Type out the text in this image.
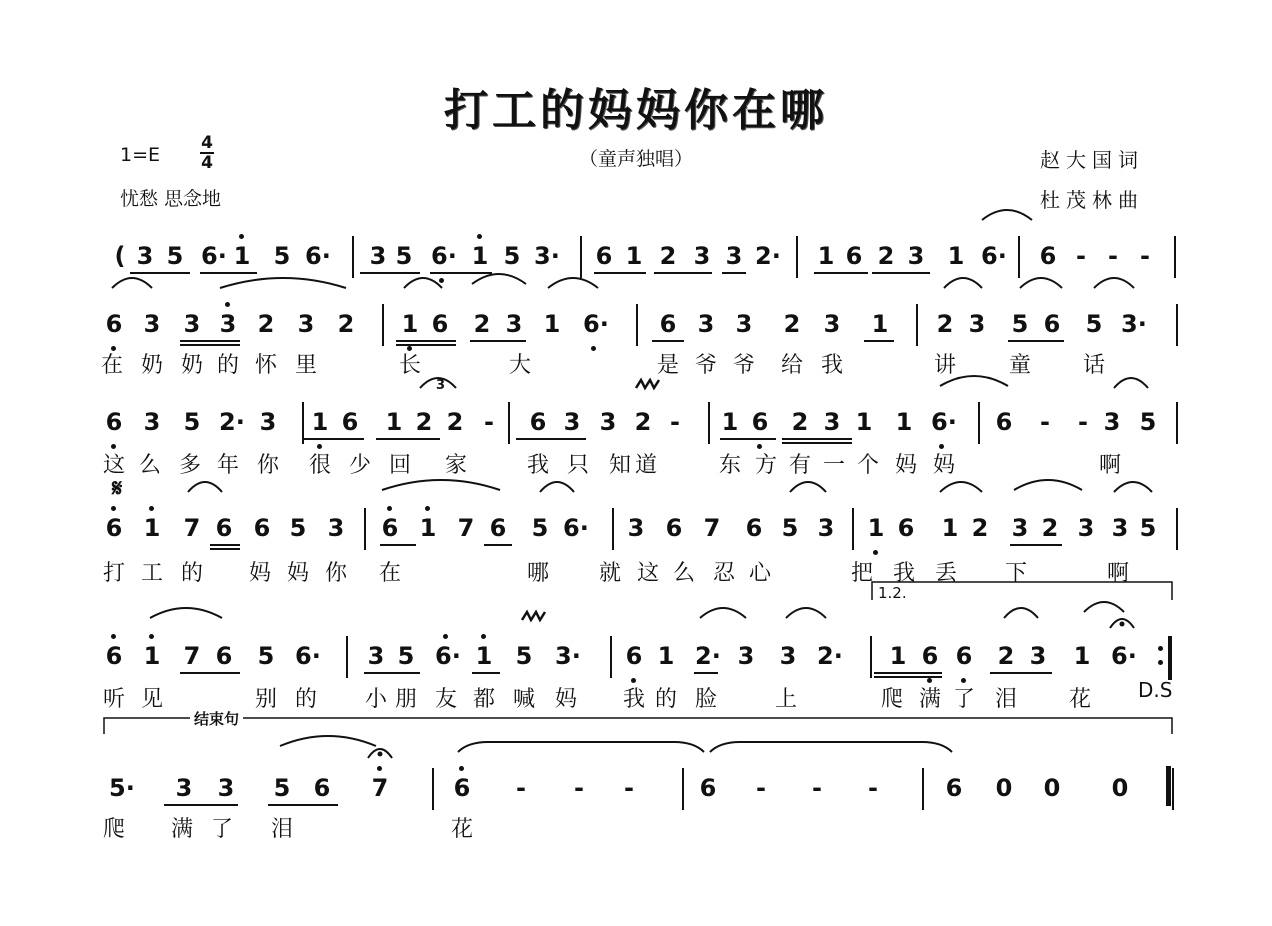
打工的妈妈你在哪
（童声独唱）
1=E
4
4
忧愁 思念地
赵大国词
杜茂林曲
( 3 5 6· 1 5 6· 3 5 6· 1 5 3· 6 1 2 3 3 2· 1 6 2 3 1 6· 6 - - -
6 3 3 3 2 3 2 1 6 2 3 1 6· 6 3 3 2 3 1 2 3 5 6 5 3·
在 奶 奶 的 怀 里	长	大	是 爷 爷 给 我	讲 童 话
6 3 5 2· 3 1 6 1 2 2 - 6 3 3 2 - 1 6 2 3 1 1 6· 6 - - 3 5
这 么 多 年 你 很 少 回 家	我 只 知 道	东 方 有 一 个 妈 妈	啊
6 1 7 6 6 5 3 6 1 7 6 5 6· 3 6 7 6 5 3 1 6 1 2 3 2 3 3 5
打 工 的 妈 妈 你 在	哪 就 这 么 忍 心	把 我 丢 下	啊
6 1 7 6 5 6· 3 5 6· 1 5 3· 6 1 2· 3 3 2· 1 6 6 2 3 1 6·
听 见	别 的 小 朋 友 都 喊 妈 我 的 脸	上	爬 满 了 泪 花
5· 3 3 5 6 7	6 - - -	6 - - -	6 0 0 0
爬 满 了 泪	花
1.2.
结束句
D.S
𝄋
3
